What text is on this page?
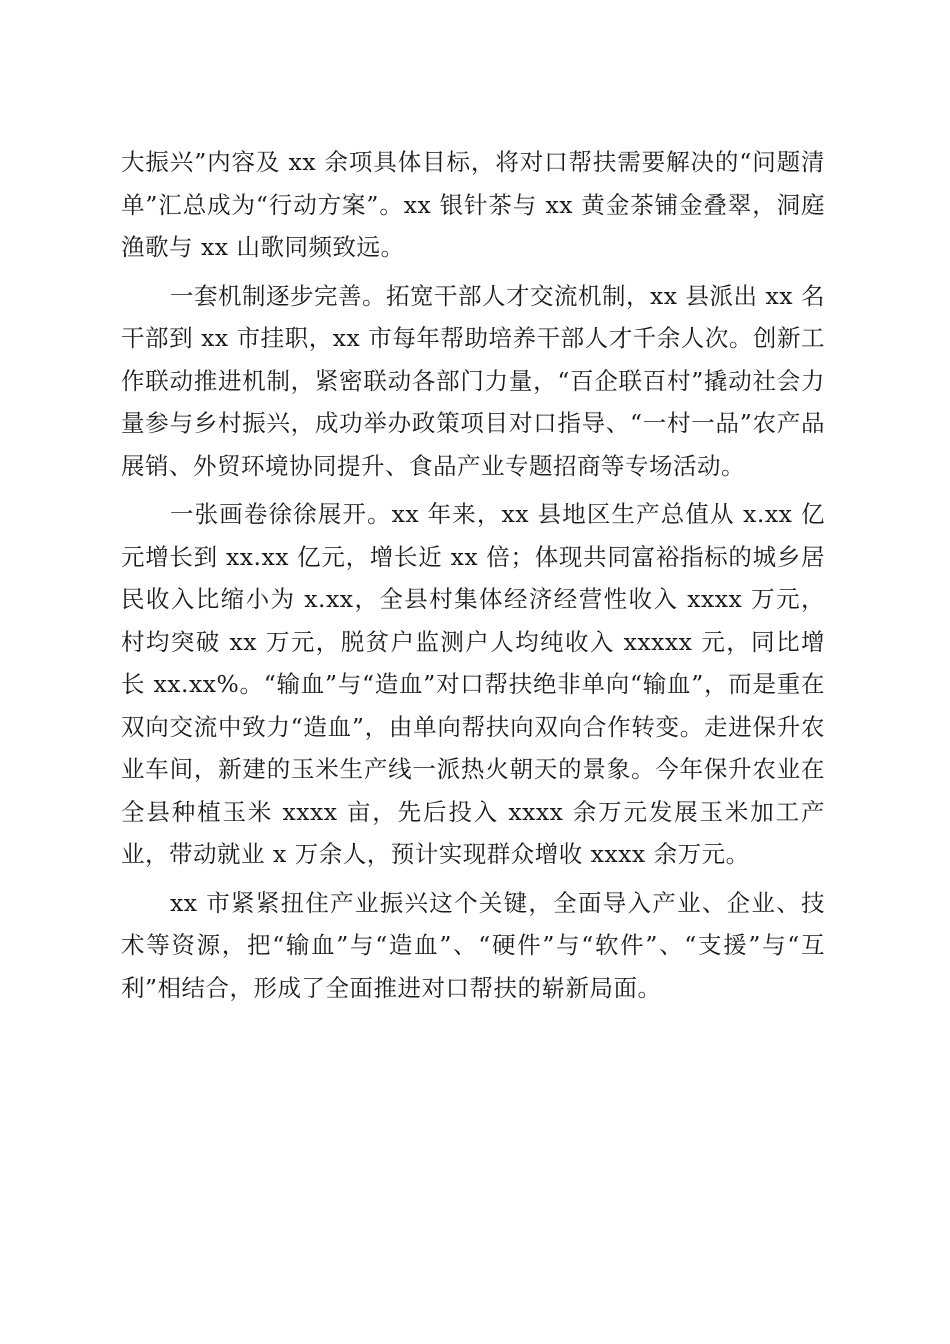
大振兴”内容及 xx 余项具体目标，将对口帮扶需要解决的“问题清单”汇总成为“行动方案”。xx 银针茶与 xx 黄金茶铺金叠翠，洞庭渔歌与 xx 山歌同频致远。

一套机制逐步完善。拓宽干部人才交流机制，xx 县派出 xx 名干部到 xx 市挂职，xx 市每年帮助培养干部人才千余人次。创新工作联动推进机制，紧密联动各部门力量，“百企联百村”撬动社会力量参与乡村振兴，成功举办政策项目对口指导、“一村一品”农产品展销、外贸环境协同提升、食品产业专题招商等专场活动。

一张画卷徐徐展开。xx 年来，xx 县地区生产总值从 x.xx 亿元增长到 xx.xx 亿元，增长近 xx 倍；体现共同富裕指标的城乡居民收入比缩小为 x.xx，全县村集体经济经营性收入 xxxx 万元，村均突破 xx 万元，脱贫户监测户人均纯收入 xxxxx 元，同比增长 xx.xx%。“输血”与“造血”对口帮扶绝非单向“输血”，而是重在双向交流中致力“造血”，由单向帮扶向双向合作转变。走进保升农业车间，新建的玉米生产线一派热火朝天的景象。今年保升农业在全县种植玉米 xxxx 亩，先后投入 xxxx 余万元发展玉米加工产业，带动就业 x 万余人，预计实现群众增收 xxxx 余万元。

xx 市紧紧扭住产业振兴这个关键，全面导入产业、企业、技术等资源，把“输血”与“造血”、“硬件”与“软件”、“支援”与“互利”相结合，形成了全面推进对口帮扶的崭新局面。
